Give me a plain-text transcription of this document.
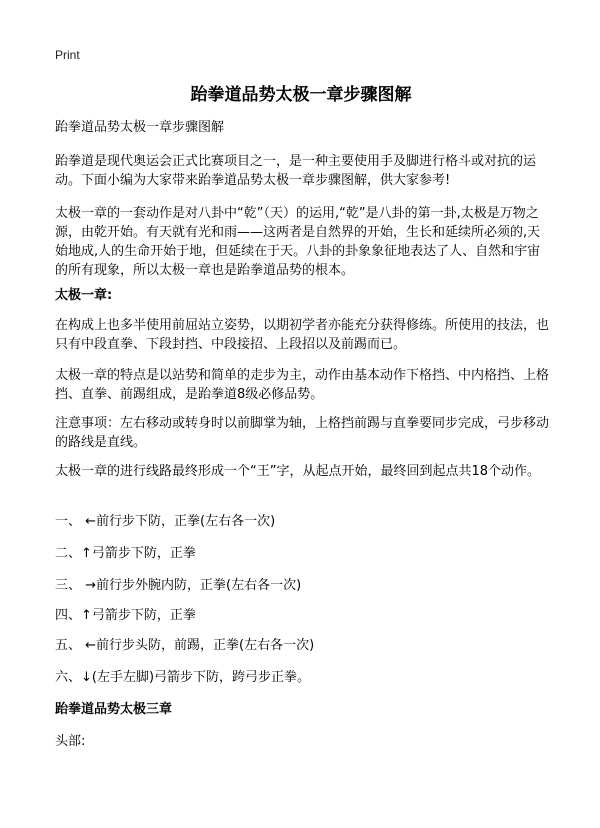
Print
跆拳道品势太极一章步骤图解

跆拳道品势太极一章步骤图解

跆拳道是现代奥运会正式比赛项目之一，是一种主要使用手及脚进行格斗或对抗的运动。下面小编为大家带来跆拳道品势太极一章步骤图解，供大家参考!

太极一章的一套动作是对八卦中“乾”（天）的运用,“乾”是八卦的第一卦,太极是万物之源，由乾开始。有天就有光和雨——这两者是自然界的开始，生长和延续所必须的,天始地成,人的生命开始于地，但延续在于天。八卦的卦象象征地表达了人、自然和宇宙的所有现象，所以太极一章也是跆拳道品势的根本。

太极一章:

在构成上也多半使用前屈站立姿势，以期初学者亦能充分获得修练。所使用的技法，也只有中段直拳、下段封挡、中段接招、上段招以及前踢而已。

太极一章的特点是以站势和简单的走步为主，动作由基本动作下格挡、中内格挡、上格挡、直拳、前踢组成，是跆拳道8级必修品势。

注意事项：左右移动或转身时以前脚掌为轴，上格挡前踢与直拳要同步完成，弓步移动的路线是直线。

太极一章的进行线路最终形成一个“王”字，从起点开始，最终回到起点共18个动作。

一、 ←前行步下防，正拳(左右各一次)

二、↑弓箭步下防，正拳

三、 →前行步外腕内防，正拳(左右各一次)

四、↑弓箭步下防，正拳

五、 ←前行步头防，前踢，正拳(左右各一次)

六、↓(左手左脚)弓箭步下防，跨弓步正拳。

跆拳道品势太极三章

头部:
